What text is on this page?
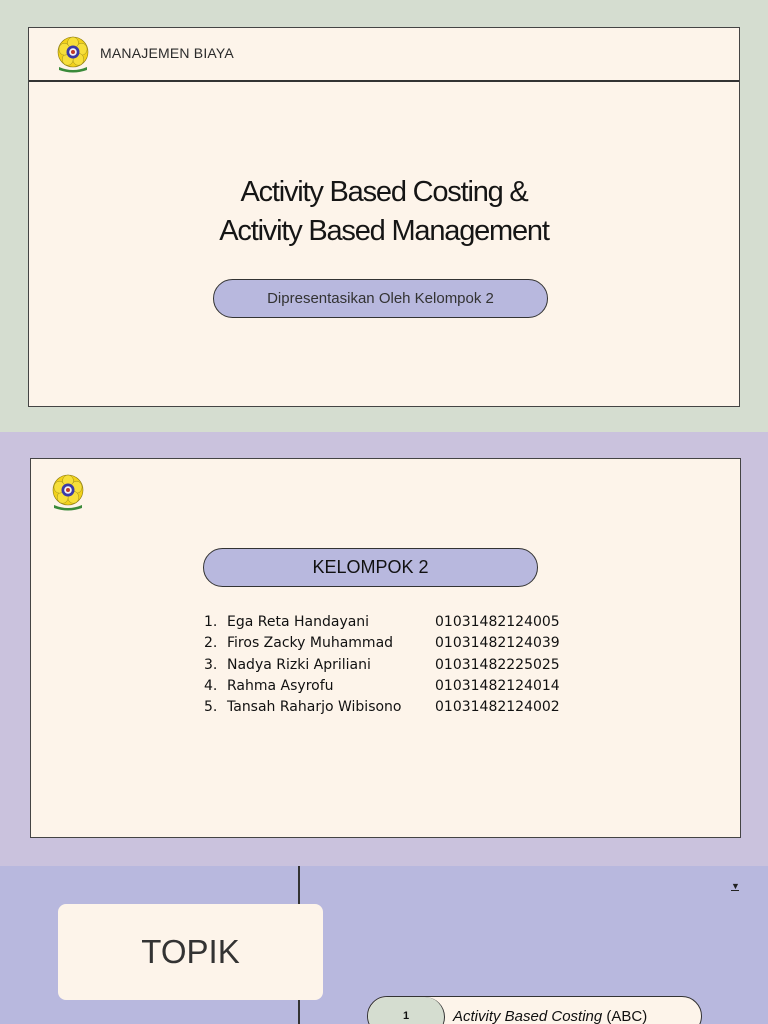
MANAJEMEN BIAYA
Activity Based Costing &
Activity Based Management
Dipresentasikan Oleh Kelompok 2
KELOMPOK 2
1. Ega Reta Handayani	01031482124005
2. Firos Zacky Muhammad	01031482124039
3. Nadya Rizki Apriliani	01031482225025
4. Rahma Asyrofu	01031482124014
5. Tansah Raharjo Wibisono 01031482124002
TOPIK
▼
1	Activity Based Costing (ABC)
